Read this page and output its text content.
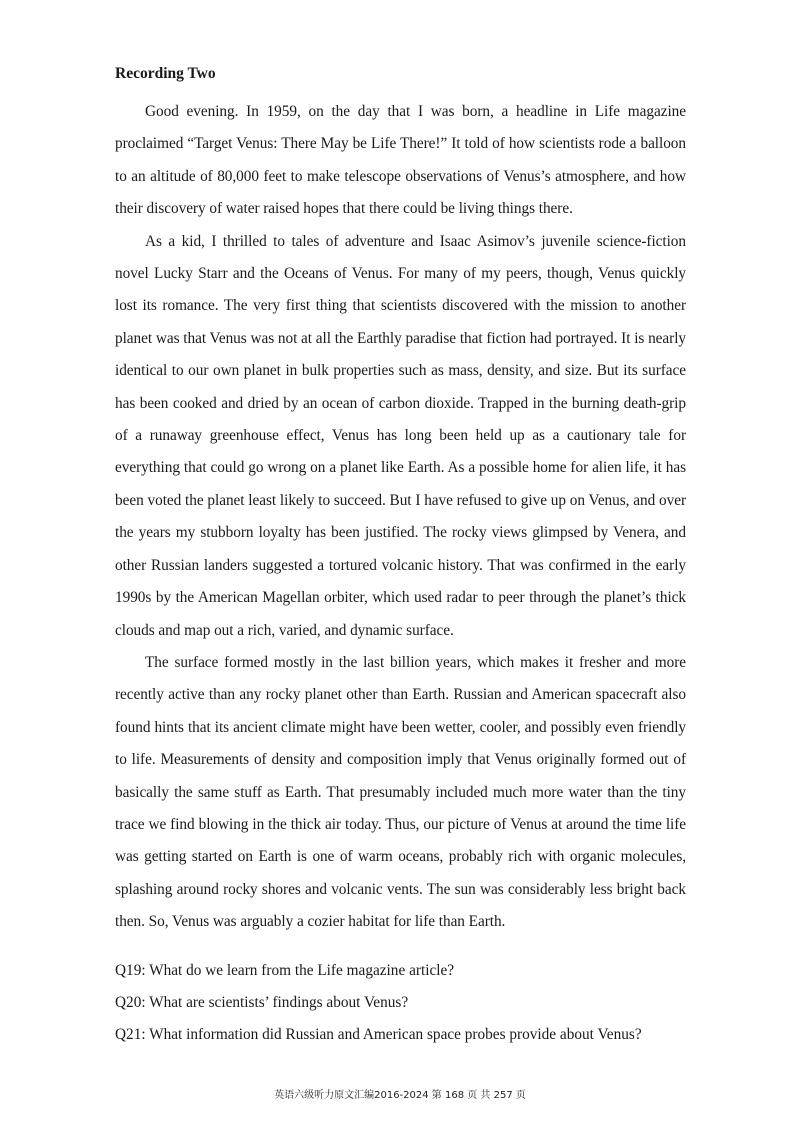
Recording Two

Good evening. In 1959, on the day that I was born, a headline in Life magazine proclaimed “Target Venus: There May be Life There!” It told of how scientists rode a balloon to an altitude of 80,000 feet to make telescope observations of Venus’s atmosphere, and how their discovery of water raised hopes that there could be living things there.

As a kid, I thrilled to tales of adventure and Isaac Asimov’s juvenile science-fiction novel Lucky Starr and the Oceans of Venus. For many of my peers, though, Venus quickly lost its romance. The very first thing that scientists discovered with the mission to another planet was that Venus was not at all the Earthly paradise that fiction had portrayed. It is nearly identical to our own planet in bulk properties such as mass, density, and size. But its surface has been cooked and dried by an ocean of carbon dioxide. Trapped in the burning death-grip of a runaway greenhouse effect, Venus has long been held up as a cautionary tale for everything that could go wrong on a planet like Earth. As a possible home for alien life, it has been voted the planet least likely to succeed. But I have refused to give up on Venus, and over the years my stubborn loyalty has been justified. The rocky views glimpsed by Venera, and other Russian landers suggested a tortured volcanic history. That was confirmed in the early 1990s by the American Magellan orbiter, which used radar to peer through the planet’s thick clouds and map out a rich, varied, and dynamic surface.

The surface formed mostly in the last billion years, which makes it fresher and more recently active than any rocky planet other than Earth. Russian and American spacecraft also found hints that its ancient climate might have been wetter, cooler, and possibly even friendly to life. Measurements of density and composition imply that Venus originally formed out of basically the same stuff as Earth. That presumably included much more water than the tiny trace we find blowing in the thick air today. Thus, our picture of Venus at around the time life was getting started on Earth is one of warm oceans, probably rich with organic molecules, splashing around rocky shores and volcanic vents. The sun was considerably less bright back then. So, Venus was arguably a cozier habitat for life than Earth.

Q19: What do we learn from the Life magazine article?

Q20: What are scientists’ findings about Venus?

Q21: What information did Russian and American space probes provide about Venus?

英语六级听力原文汇编2016-2024 第 168 页 共 257 页
